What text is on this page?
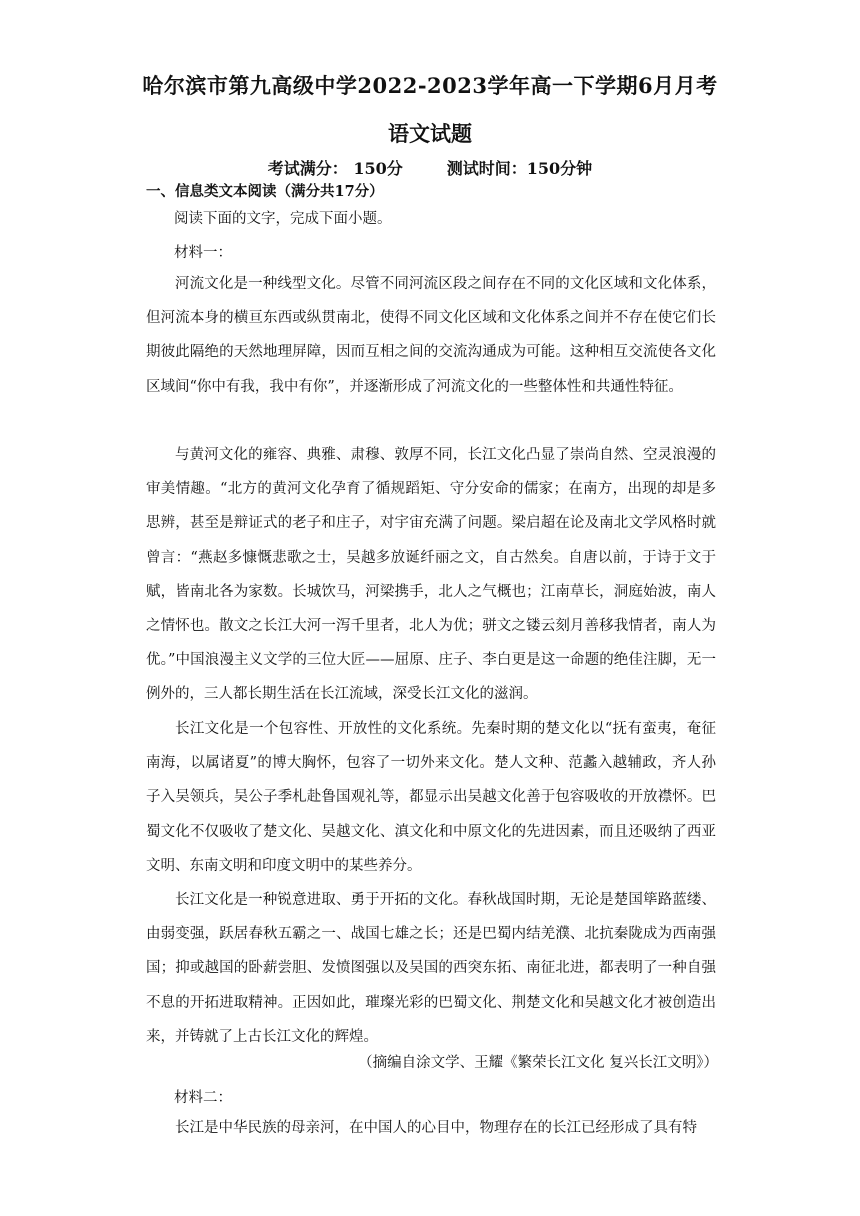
哈尔滨市第九高级中学2022-2023学年高一下学期6月月考
语文试题
考试满分： 150分	测试时间：150分钟
一、信息类文本阅读（满分共17分）
阅读下面的文字，完成下面小题。
材料一：

河流文化是一种线型文化。尽管不同河流区段之间存在不同的文化区域和文化体系，但河流本身的横亘东西或纵贯南北，使得不同文化区域和文化体系之间并不存在使它们长期彼此隔绝的天然地理屏障，因而互相之间的交流沟通成为可能。这种相互交流使各文化区域间“你中有我，我中有你”，并逐渐形成了河流文化的一些整体性和共通性特征。

与黄河文化的雍容、典雅、肃穆、敦厚不同，长江文化凸显了崇尚自然、空灵浪漫的审美情趣。“北方的黄河文化孕育了循规蹈矩、守分安命的儒家；在南方，出现的却是多思辨，甚至是辩证式的老子和庄子，对宇宙充满了问题。梁启超在论及南北文学风格时就曾言：“燕赵多慷慨悲歌之士，吴越多放诞纤丽之文，自古然矣。自唐以前，于诗于文于赋，皆南北各为家数。长城饮马，河梁携手，北人之气概也；江南草长，洞庭始波，南人之情怀也。散文之长江大河一泻千里者，北人为优；骈文之镂云刻月善移我情者，南人为优。”中国浪漫主义文学的三位大匠——屈原、庄子、李白更是这一命题的绝佳注脚，无一例外的，三人都长期生活在长江流域，深受长江文化的滋润。

长江文化是一个包容性、开放性的文化系统。先秦时期的楚文化以“抚有蛮夷，奄征南海，以属诸夏”的博大胸怀，包容了一切外来文化。楚人文种、范蠡入越辅政，齐人孙子入吴领兵，吴公子季札赴鲁国观礼等，都显示出吴越文化善于包容吸收的开放襟怀。巴蜀文化不仅吸收了楚文化、吴越文化、滇文化和中原文化的先进因素，而且还吸纳了西亚文明、东南文明和印度文明中的某些养分。

长江文化是一种锐意进取、勇于开拓的文化。春秋战国时期，无论是楚国筚路蓝缕、由弱变强，跃居春秋五霸之一、战国七雄之长；还是巴蜀内结羌濮、北抗秦陇成为西南强国；抑或越国的卧薪尝胆、发愤图强以及吴国的西突东拓、南征北进，都表明了一种自强不息的开拓进取精神。正因如此，璀璨光彩的巴蜀文化、荆楚文化和吴越文化才被创造出来，并铸就了上古长江文化的辉煌。

（摘编自涂文学、王耀《繁荣长江文化 复兴长江文明》）
材料二：

长江是中华民族的母亲河，在中国人的心目中，物理存在的长江已经形成了具有特
